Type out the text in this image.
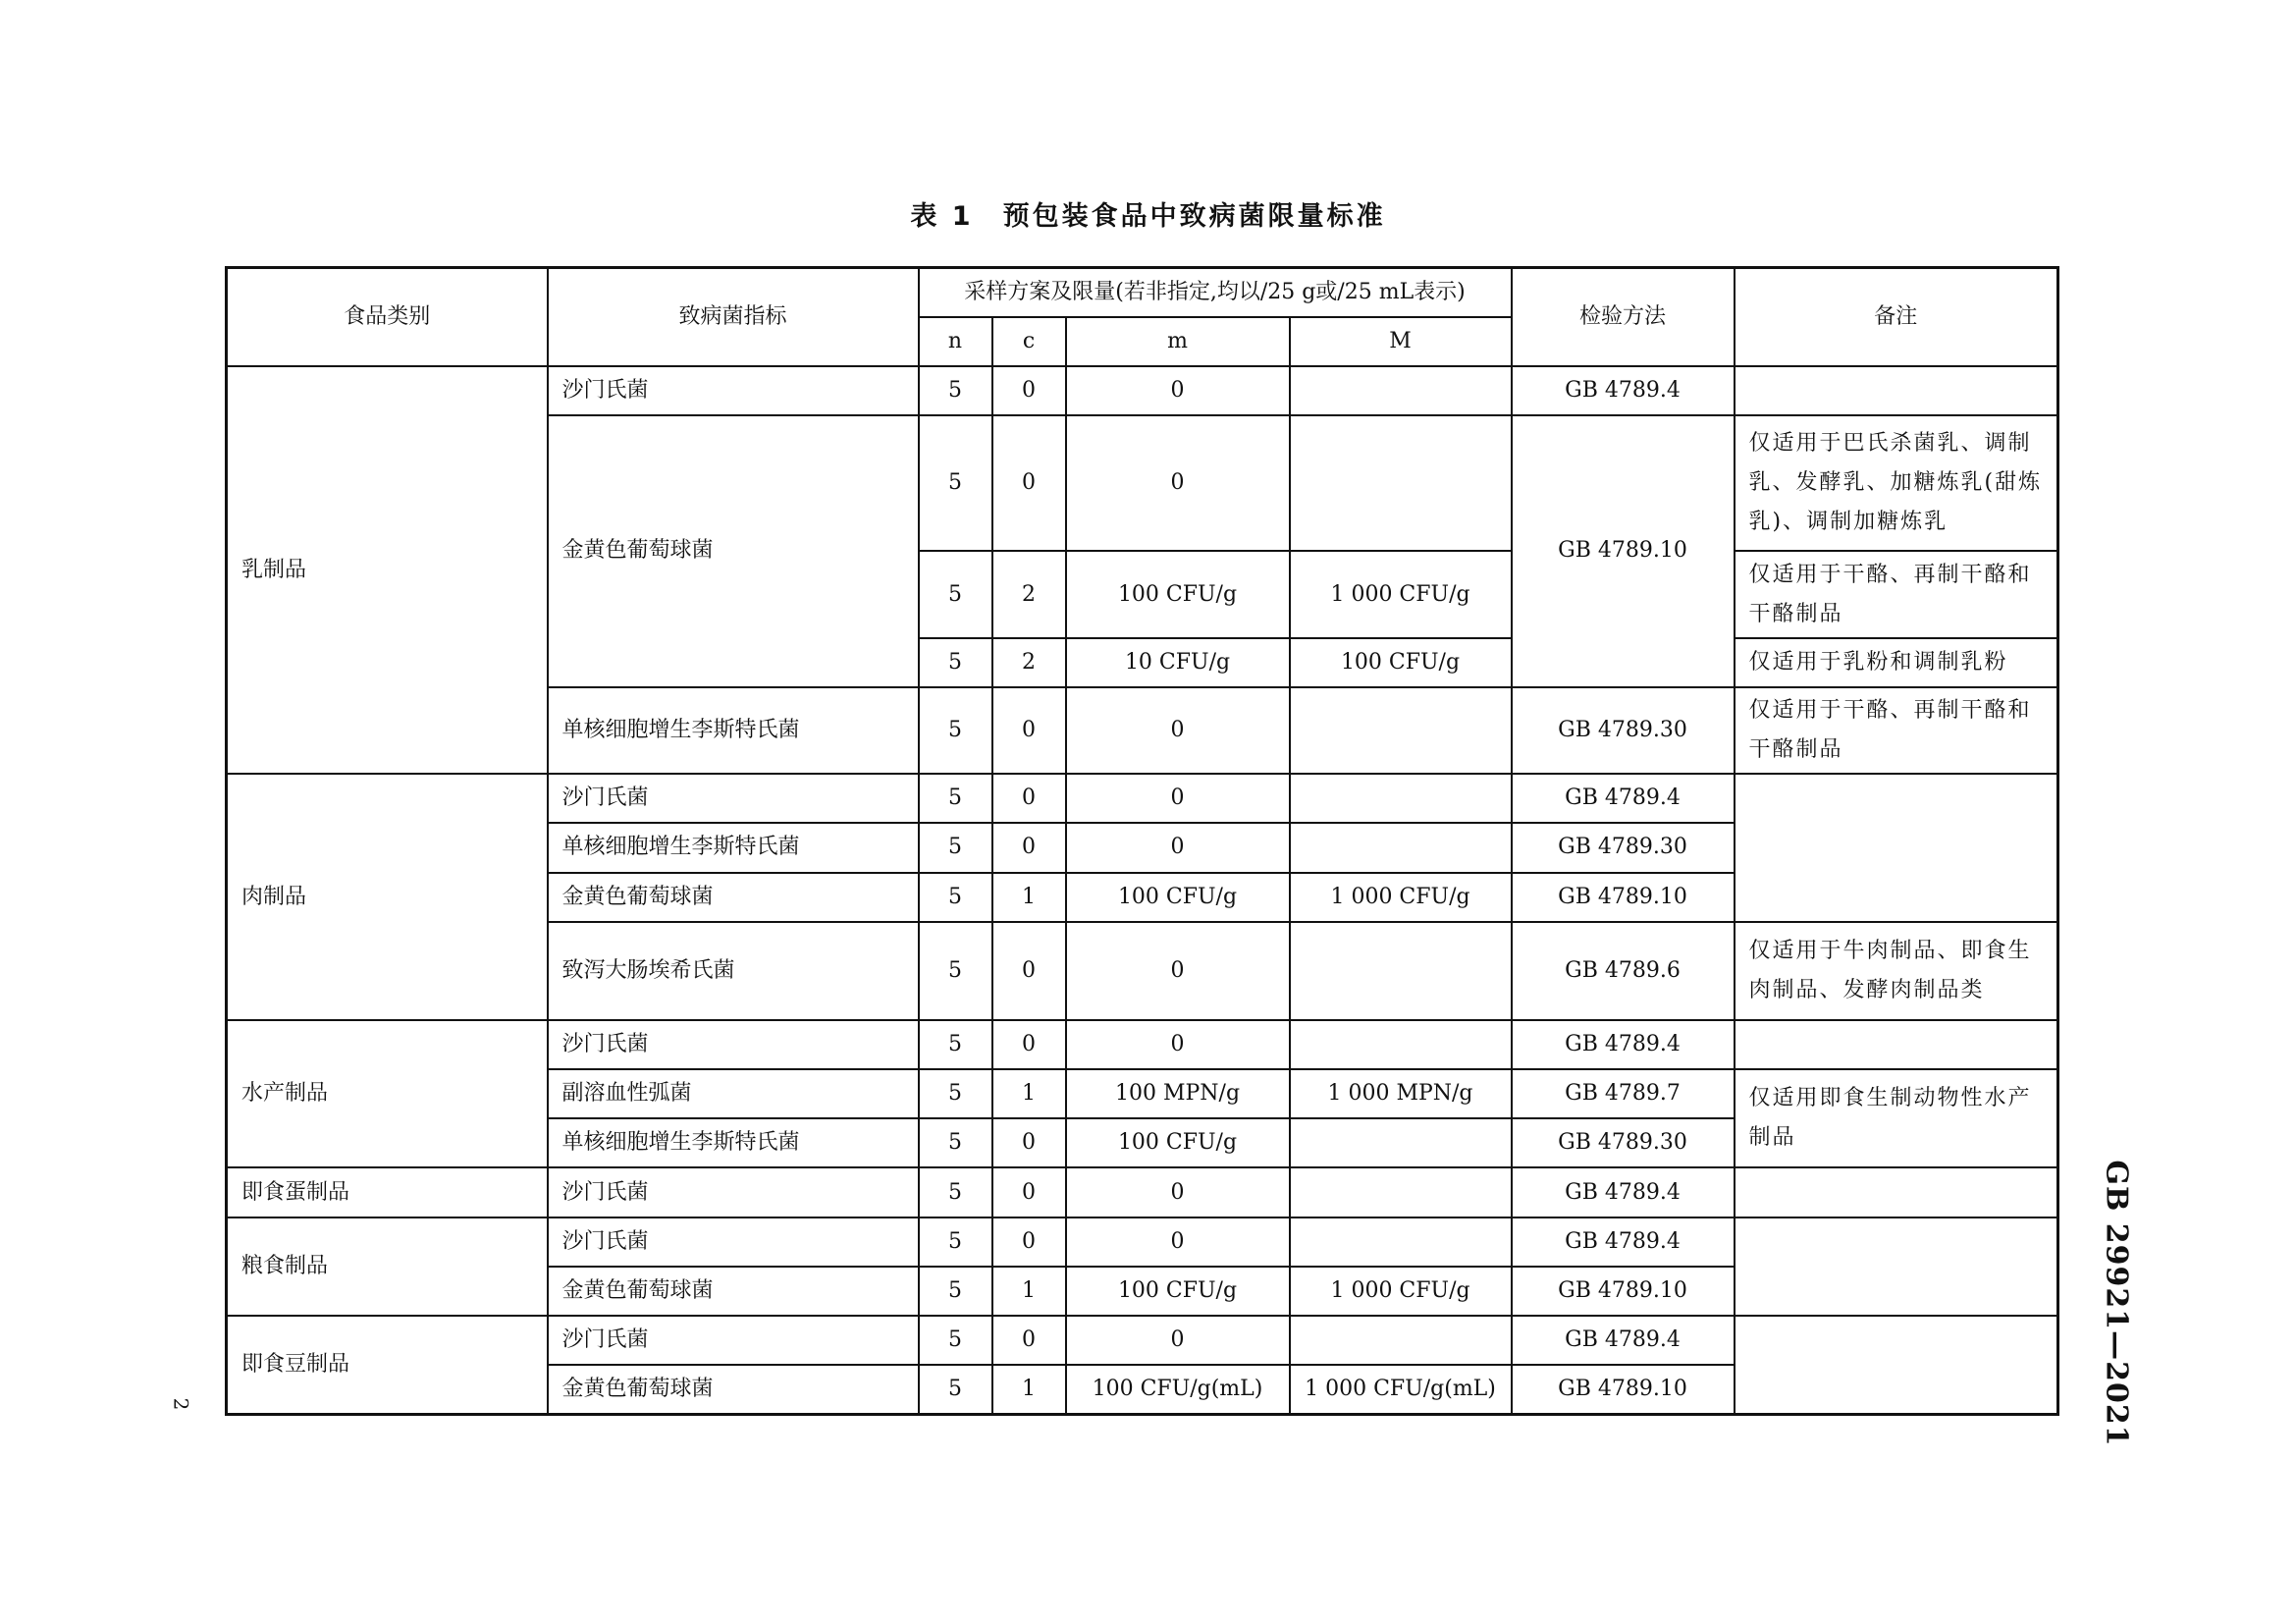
表 1　预包装食品中致病菌限量标准
食品类别	致病菌指标	采样方案及限量(若非指定,均以/25 g或/25 mL表示)				检验方法	备注
		n	c	m	M		
乳制品	沙门氏菌	5	0	0		GB 4789.4	
	金黄色葡萄球菌	5	0	0		GB 4789.10	仅适用于巴氏杀菌乳、调制乳、发酵乳、加糖炼乳(甜炼乳)、调制加糖炼乳
		5	2	100 CFU/g	1 000 CFU/g		仅适用于干酪、再制干酪和干酪制品
		5	2	10 CFU/g	100 CFU/g		仅适用于乳粉和调制乳粉
	单核细胞增生李斯特氏菌	5	0	0		GB 4789.30	仅适用于干酪、再制干酪和干酪制品
肉制品	沙门氏菌	5	0	0		GB 4789.4	
	单核细胞增生李斯特氏菌	5	0	0		GB 4789.30	
	金黄色葡萄球菌	5	1	100 CFU/g	1 000 CFU/g	GB 4789.10	
	致泻大肠埃希氏菌	5	0	0		GB 4789.6	仅适用于牛肉制品、即食生肉制品、发酵肉制品类
水产制品	沙门氏菌	5	0	0		GB 4789.4	
	副溶血性弧菌	5	1	100 MPN/g	1 000 MPN/g	GB 4789.7	仅适用即食生制动物性水产制品
	单核细胞增生李斯特氏菌	5	0	100 CFU/g		GB 4789.30	
即食蛋制品	沙门氏菌	5	0	0		GB 4789.4	
粮食制品	沙门氏菌	5	0	0		GB 4789.4	
	金黄色葡萄球菌	5	1	100 CFU/g	1 000 CFU/g	GB 4789.10	
即食豆制品	沙门氏菌	5	0	0		GB 4789.4	
	金黄色葡萄球菌	5	1	100 CFU/g(mL)	1 000 CFU/g(mL)	GB 4789.10	
2	GB 29921—2021
